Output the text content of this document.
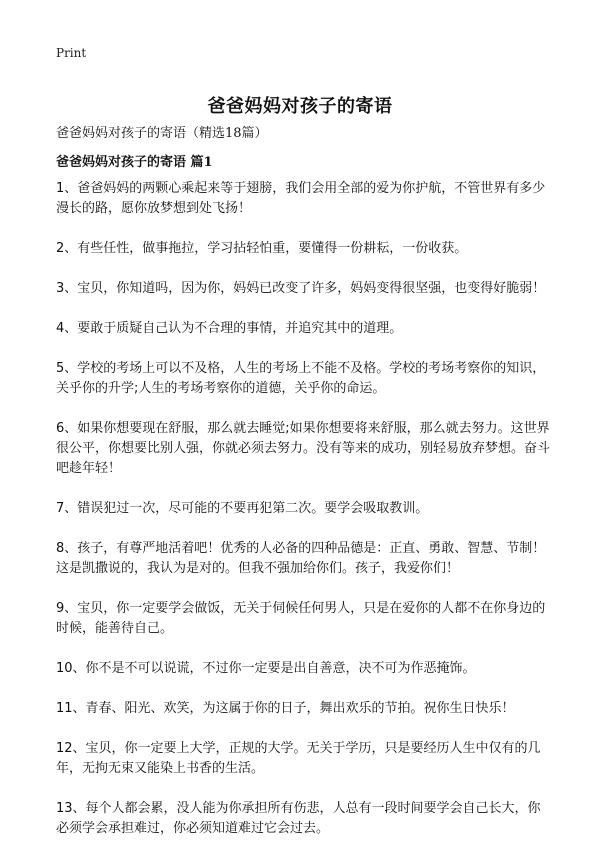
Print
爸爸妈妈对孩子的寄语
爸爸妈妈对孩子的寄语（精选18篇）
爸爸妈妈对孩子的寄语 篇1

1、爸爸妈妈的两颗心乘起来等于翅膀，我们会用全部的爱为你护航，不管世界有多少漫长的路，愿你放梦想到处飞扬！

2、有些任性，做事拖拉，学习拈轻怕重，要懂得一份耕耘，一份收获。

3、宝贝，你知道吗，因为你，妈妈已改变了许多，妈妈变得很坚强，也变得好脆弱！

4、要敢于质疑自己认为不合理的事情，并追究其中的道理。

5、学校的考场上可以不及格，人生的考场上不能不及格。学校的考场考察你的知识，关乎你的升学;人生的考场考察你的道德，关乎你的命运。

6、如果你想要现在舒服，那么就去睡觉;如果你想要将来舒服，那么就去努力。这世界很公平，你想要比别人强，你就必须去努力。没有等来的成功，别轻易放弃梦想。奋斗吧趁年轻！

7、错误犯过一次，尽可能的不要再犯第二次。要学会吸取教训。

8、孩子，有尊严地活着吧！优秀的人必备的四种品德是：正直、勇敢、智慧、节制！这是凯撒说的，我认为是对的。但我不强加给你们。孩子，我爱你们！

9、宝贝，你一定要学会做饭，无关于伺候任何男人，只是在爱你的人都不在你身边的时候，能善待自己。

10、你不是不可以说谎，不过你一定要是出自善意，决不可为作恶掩饰。

11、青春、阳光、欢笑，为这属于你的日子，舞出欢乐的节拍。祝你生日快乐！

12、宝贝，你一定要上大学，正规的大学。无关于学历，只是要经历人生中仅有的几年，无拘无束又能染上书香的生活。

13、每个人都会累，没人能为你承担所有伤悲，人总有一段时间要学会自己长大，你必须学会承担难过，你必须知道难过它会过去。
